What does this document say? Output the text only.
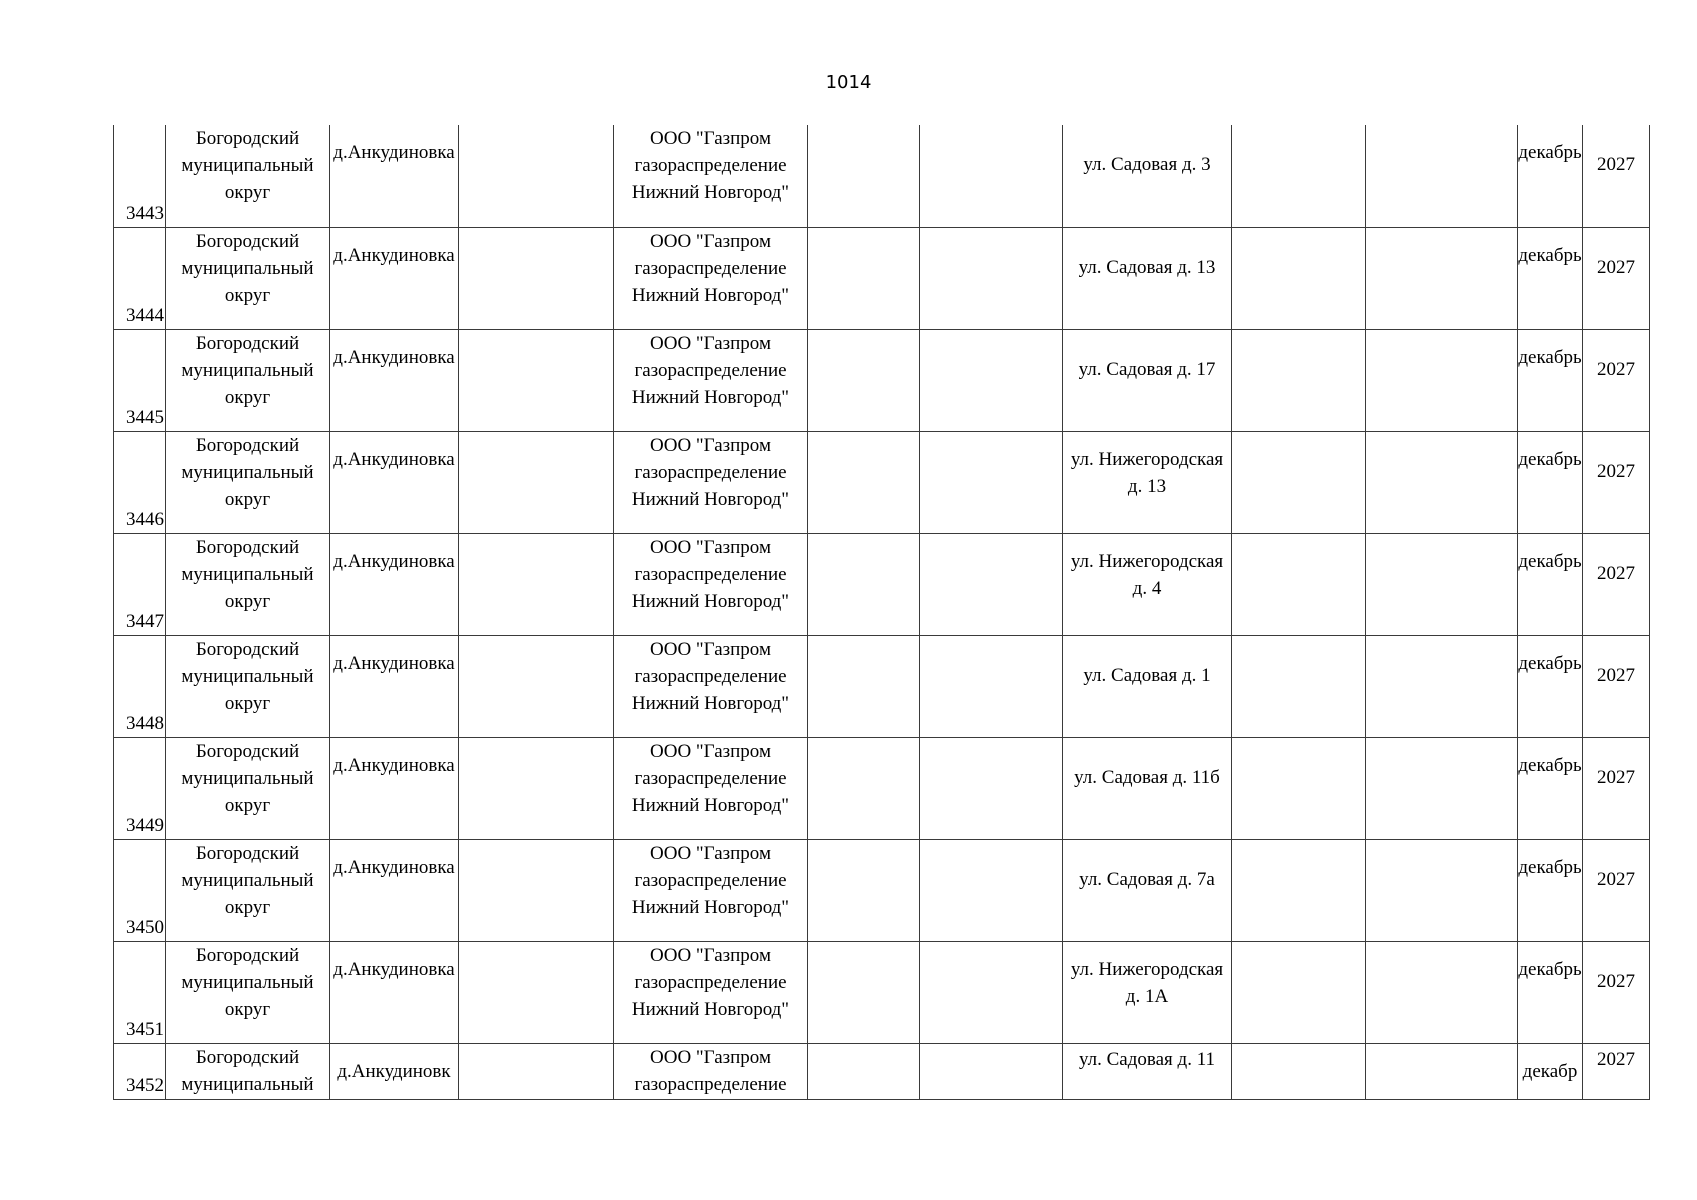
1014
3443	Богородский
муниципальный
округ	д.Анкудиновка		ООО "Газпром
газораспределение
Нижний Новгород"			ул. Садовая д. 3			декабрь	2027
3444	Богородский
муниципальный
округ	д.Анкудиновка		ООО "Газпром
газораспределение
Нижний Новгород"			ул. Садовая д. 13			декабрь	2027
3445	Богородский
муниципальный
округ	д.Анкудиновка		ООО "Газпром
газораспределение
Нижний Новгород"			ул. Садовая д. 17			декабрь	2027
3446	Богородский
муниципальный
округ	д.Анкудиновка		ООО "Газпром
газораспределение
Нижний Новгород"			ул. Нижегородская д. 13			декабрь	2027
3447	Богородский
муниципальный
округ	д.Анкудиновка		ООО "Газпром
газораспределение
Нижний Новгород"			ул. Нижегородская д. 4			декабрь	2027
3448	Богородский
муниципальный
округ	д.Анкудиновка		ООО "Газпром
газораспределение
Нижний Новгород"			ул. Садовая д. 1			декабрь	2027
3449	Богородский
муниципальный
округ	д.Анкудиновка		ООО "Газпром
газораспределение
Нижний Новгород"			ул. Садовая д. 11б			декабрь	2027
3450	Богородский
муниципальный
округ	д.Анкудиновка		ООО "Газпром
газораспределение
Нижний Новгород"			ул. Садовая д. 7а			декабрь	2027
3451	Богородский
муниципальный
округ	д.Анкудиновка		ООО "Газпром
газораспределение
Нижний Новгород"			ул. Нижегородская д. 1А			декабрь	2027
3452	Богородский
муниципальный	д.Анкудиновк		ООО "Газпром
газораспределение			ул. Садовая д. 11			декабр	2027
